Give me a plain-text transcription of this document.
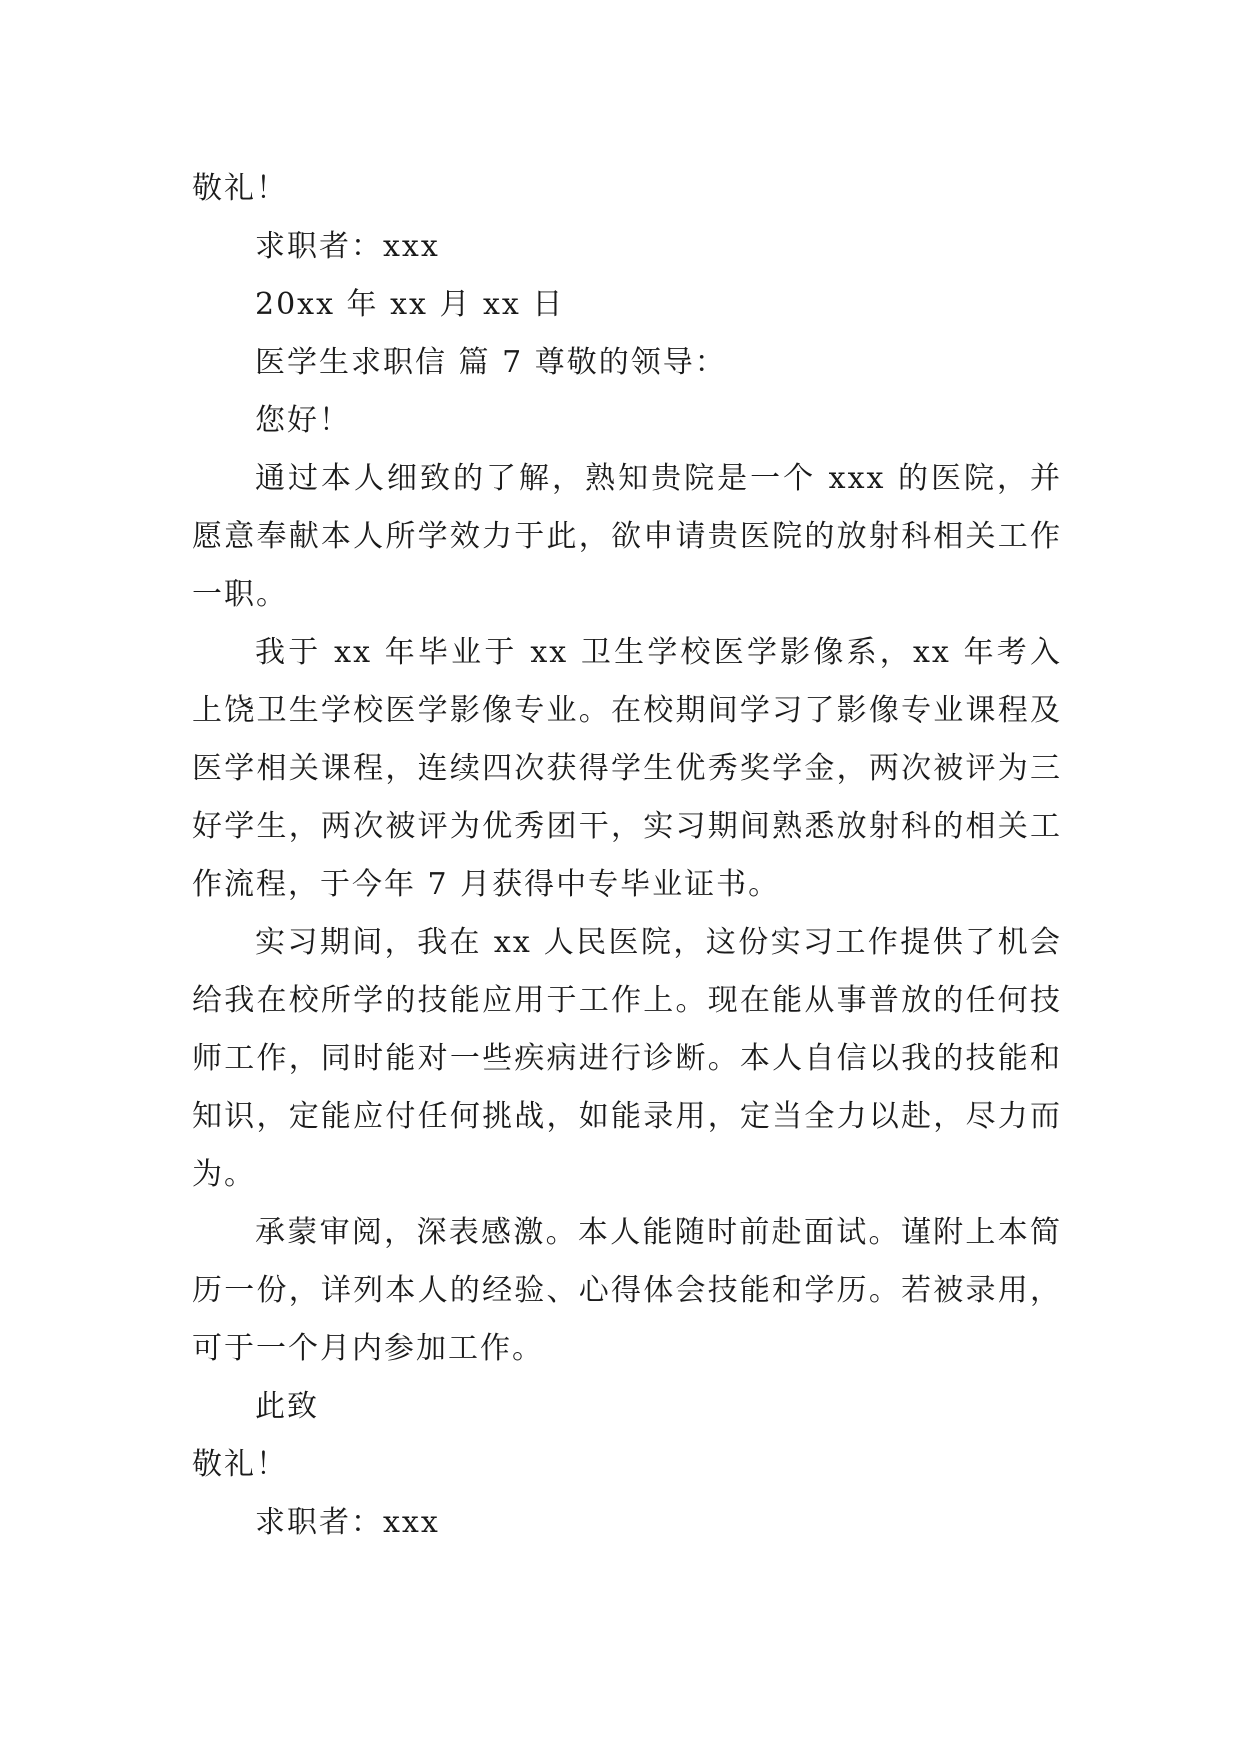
敬礼！
求职者：xxx
20xx 年 xx 月 xx 日
医学生求职信 篇 7 尊敬的领导：
您好！

通过本人细致的了解，熟知贵院是一个 xxx 的医院，并愿意奉献本人所学效力于此，欲申请贵医院的放射科相关工作一职。

我于 xx 年毕业于 xx 卫生学校医学影像系，xx 年考入上饶卫生学校医学影像专业。在校期间学习了影像专业课程及医学相关课程，连续四次获得学生优秀奖学金，两次被评为三好学生，两次被评为优秀团干，实习期间熟悉放射科的相关工作流程，于今年 7 月获得中专毕业证书。

实习期间，我在 xx 人民医院，这份实习工作提供了机会给我在校所学的技能应用于工作上。现在能从事普放的任何技师工作，同时能对一些疾病进行诊断。本人自信以我的技能和知识，定能应付任何挑战，如能录用，定当全力以赴，尽力而为。

承蒙审阅，深表感激。本人能随时前赴面试。谨附上本简历一份，详列本人的经验、心得体会技能和学历。若被录用，可于一个月内参加工作。

此致
敬礼！
求职者：xxx
